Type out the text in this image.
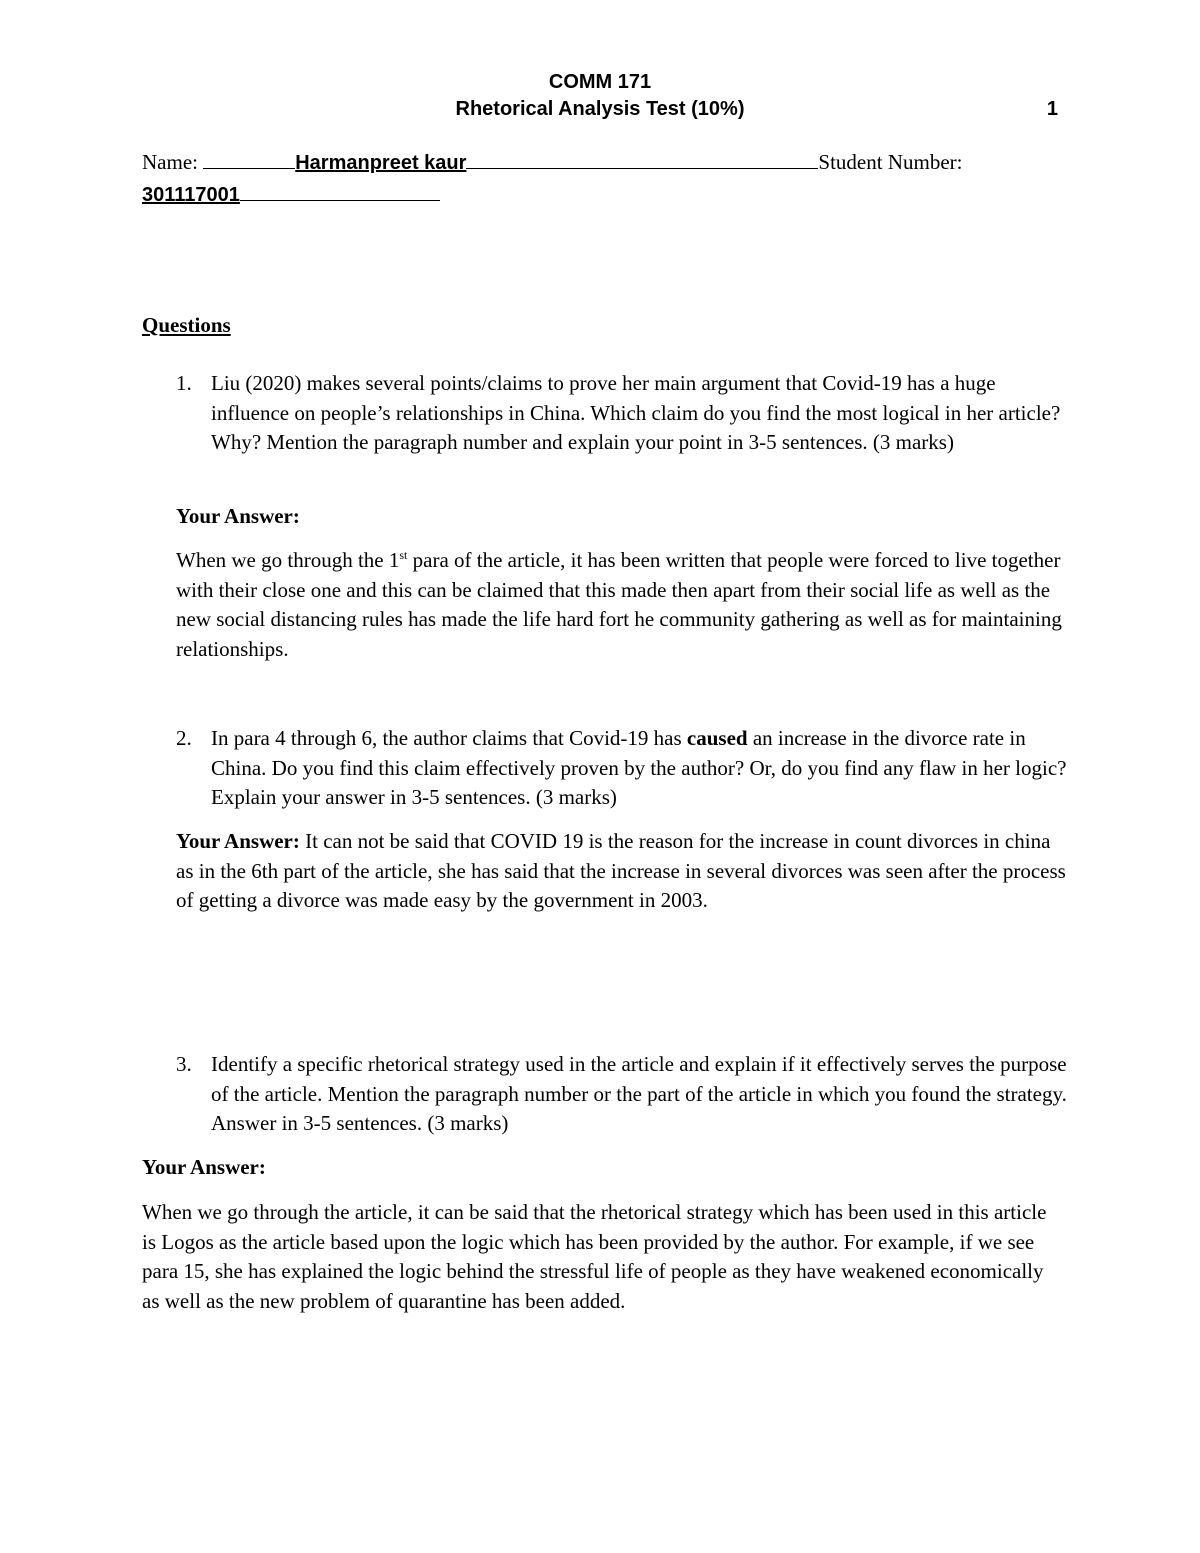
COMM 171
Rhetorical Analysis Test (10%)	1
Name:	Harmanpreet kaur	Student Number:
301117001
Questions
1. Liu (2020) makes several points/claims to prove her main argument that Covid-19 has a huge influence on people’s relationships in China. Which claim do you find the most logical in her article? Why? Mention the paragraph number and explain your point in 3-5 sentences. (3 marks)
Your Answer:
When we go through the 1st para of the article, it has been written that people were forced to live together with their close one and this can be claimed that this made then apart from their social life as well as the new social distancing rules has made the life hard fort he community gathering as well as for maintaining relationships.
2. In para 4 through 6, the author claims that Covid-19 has caused an increase in the divorce rate in China. Do you find this claim effectively proven by the author? Or, do you find any flaw in her logic? Explain your answer in 3-5 sentences. (3 marks)
Your Answer: It can not be said that COVID 19 is the reason for the increase in count divorces in china as in the 6th part of the article, she has said that the increase in several divorces was seen after the process of getting a divorce was made easy by the government in 2003.
3. Identify a specific rhetorical strategy used in the article and explain if it effectively serves the purpose of the article. Mention the paragraph number or the part of the article in which you found the strategy. Answer in 3-5 sentences. (3 marks)
Your Answer:
When we go through the article, it can be said that the rhetorical strategy which has been used in this article is Logos as the article based upon the logic which has been provided by the author. For example, if we see para 15, she has explained the logic behind the stressful life of people as they have weakened economically as well as the new problem of quarantine has been added.
